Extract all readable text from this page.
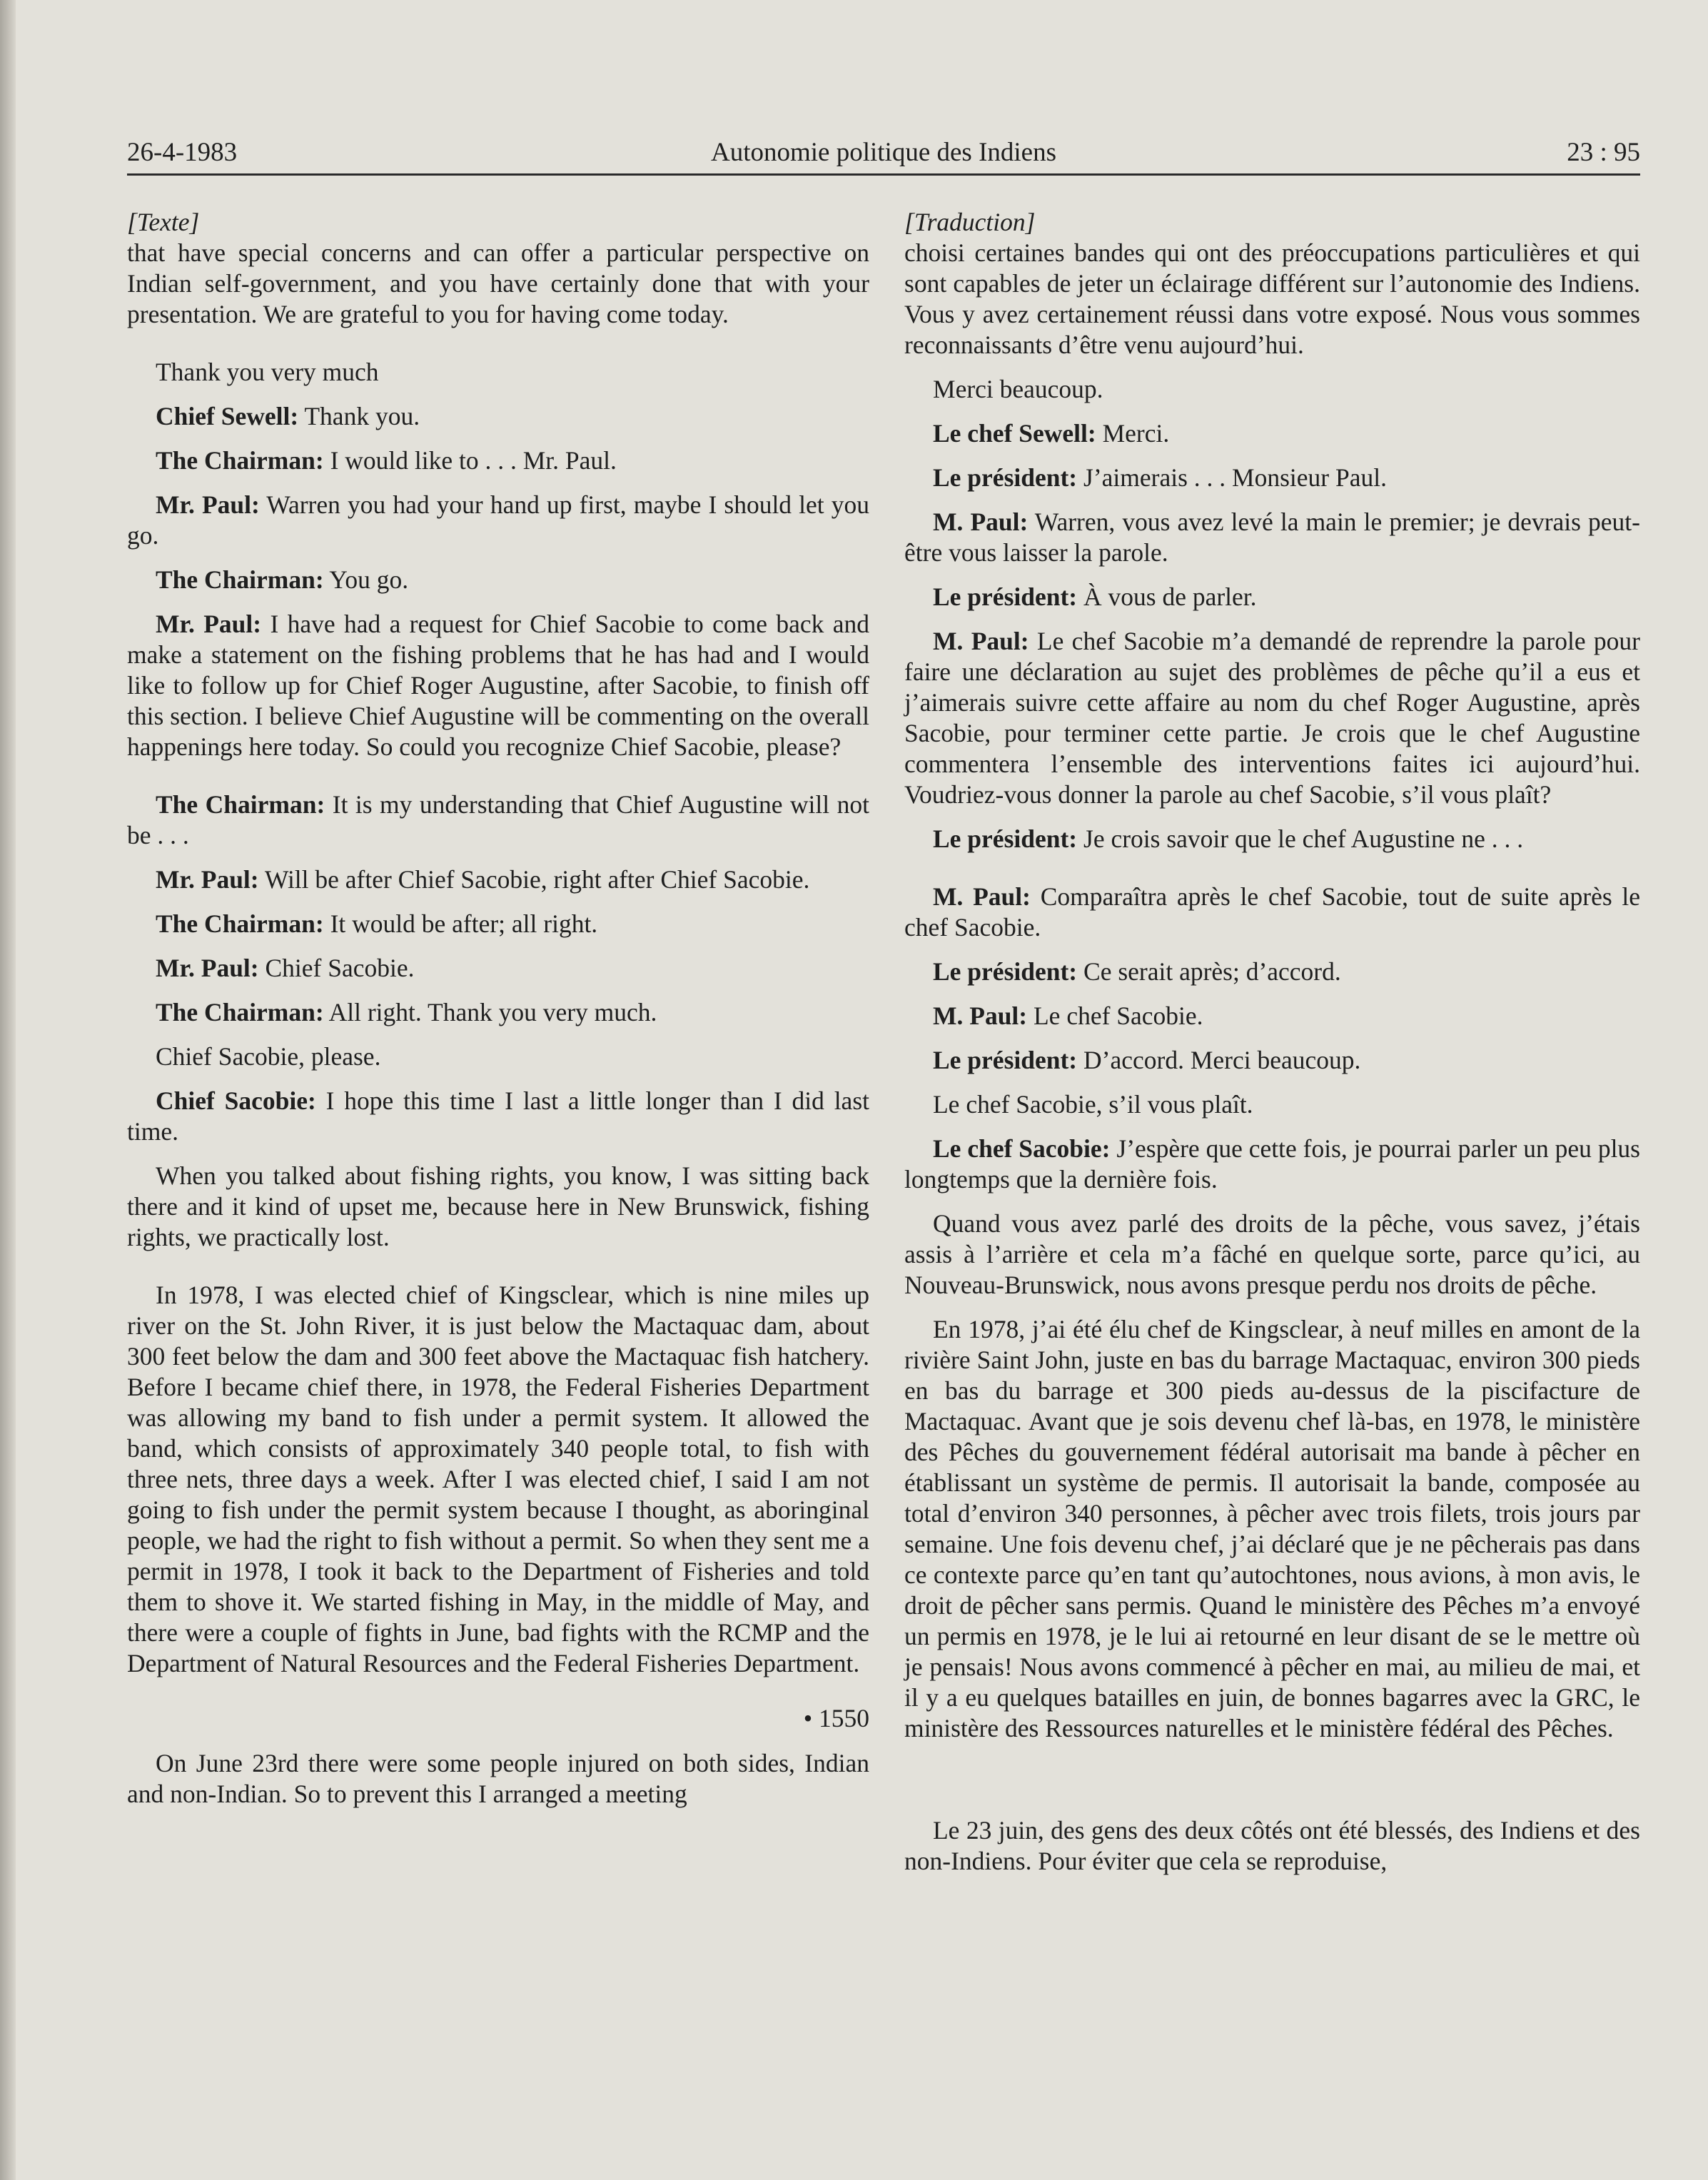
26-4-1983	Autonomie politique des Indiens	23 : 95

[Texte]

that have special concerns and can offer a particular perspective on Indian self-government, and you have certainly done that with your presentation. We are grateful to you for having come today.

Thank you very much

Chief Sewell: Thank you.

The Chairman: I would like to . . . Mr. Paul.

Mr. Paul: Warren you had your hand up first, maybe I should let you go.

The Chairman: You go.

Mr. Paul: I have had a request for Chief Sacobie to come back and make a statement on the fishing problems that he has had and I would like to follow up for Chief Roger Augustine, after Sacobie, to finish off this section. I believe Chief Augustine will be commenting on the overall happenings here today. So could you recognize Chief Sacobie, please?

The Chairman: It is my understanding that Chief Augustine will not be . . .

Mr. Paul: Will be after Chief Sacobie, right after Chief Sacobie.

The Chairman: It would be after; all right.

Mr. Paul: Chief Sacobie.

The Chairman: All right. Thank you very much.

Chief Sacobie, please.

Chief Sacobie: I hope this time I last a little longer than I did last time.

When you talked about fishing rights, you know, I was sitting back there and it kind of upset me, because here in New Brunswick, fishing rights, we practically lost.

In 1978, I was elected chief of Kingsclear, which is nine miles up river on the St. John River, it is just below the Mactaquac dam, about 300 feet below the dam and 300 feet above the Mactaquac fish hatchery. Before I became chief there, in 1978, the Federal Fisheries Department was allowing my band to fish under a permit system. It allowed the band, which consists of approximately 340 people total, to fish with three nets, three days a week. After I was elected chief, I said I am not going to fish under the permit system because I thought, as aboringinal people, we had the right to fish without a permit. So when they sent me a permit in 1978, I took it back to the Department of Fisheries and told them to shove it. We started fishing in May, in the middle of May, and there were a couple of fights in June, bad fights with the RCMP and the Department of Natural Resources and the Federal Fisheries Department.

• 1550

On June 23rd there were some people injured on both sides, Indian and non-Indian. So to prevent this I arranged a meeting

[Traduction]

choisi certaines bandes qui ont des préoccupations particulières et qui sont capables de jeter un éclairage différent sur l’autonomie des Indiens. Vous y avez certainement réussi dans votre exposé. Nous vous sommes reconnaissants d’être venu aujourd’hui.

Merci beaucoup.

Le chef Sewell: Merci.

Le président: J’aimerais . . . Monsieur Paul.

M. Paul: Warren, vous avez levé la main le premier; je devrais peut-être vous laisser la parole.

Le président: À vous de parler.

M. Paul: Le chef Sacobie m’a demandé de reprendre la parole pour faire une déclaration au sujet des problèmes de pêche qu’il a eus et j’aimerais suivre cette affaire au nom du chef Roger Augustine, après Sacobie, pour terminer cette partie. Je crois que le chef Augustine commentera l’ensemble des interventions faites ici aujourd’hui. Voudriez-vous donner la parole au chef Sacobie, s’il vous plaît?

Le président: Je crois savoir que le chef Augustine ne . . .

M. Paul: Comparaîtra après le chef Sacobie, tout de suite après le chef Sacobie.

Le président: Ce serait après; d’accord.

M. Paul: Le chef Sacobie.

Le président: D’accord. Merci beaucoup.

Le chef Sacobie, s’il vous plaît.

Le chef Sacobie: J’espère que cette fois, je pourrai parler un peu plus longtemps que la dernière fois.

Quand vous avez parlé des droits de la pêche, vous savez, j’étais assis à l’arrière et cela m’a fâché en quelque sorte, parce qu’ici, au Nouveau-Brunswick, nous avons presque perdu nos droits de pêche.

En 1978, j’ai été élu chef de Kingsclear, à neuf milles en amont de la rivière Saint John, juste en bas du barrage Mactaquac, environ 300 pieds en bas du barrage et 300 pieds au-dessus de la piscifacture de Mactaquac. Avant que je sois devenu chef là-bas, en 1978, le ministère des Pêches du gouvernement fédéral autorisait ma bande à pêcher en établissant un système de permis. Il autorisait la bande, composée au total d’environ 340 personnes, à pêcher avec trois filets, trois jours par semaine. Une fois devenu chef, j’ai déclaré que je ne pêcherais pas dans ce contexte parce qu’en tant qu’autochtones, nous avions, à mon avis, le droit de pêcher sans permis. Quand le ministère des Pêches m’a envoyé un permis en 1978, je le lui ai retourné en leur disant de se le mettre où je pensais! Nous avons commencé à pêcher en mai, au milieu de mai, et il y a eu quelques batailles en juin, de bonnes bagarres avec la GRC, le ministère des Ressources naturelles et le ministère fédéral des Pêches.

Le 23 juin, des gens des deux côtés ont été blessés, des Indiens et des non-Indiens. Pour éviter que cela se reproduise,
